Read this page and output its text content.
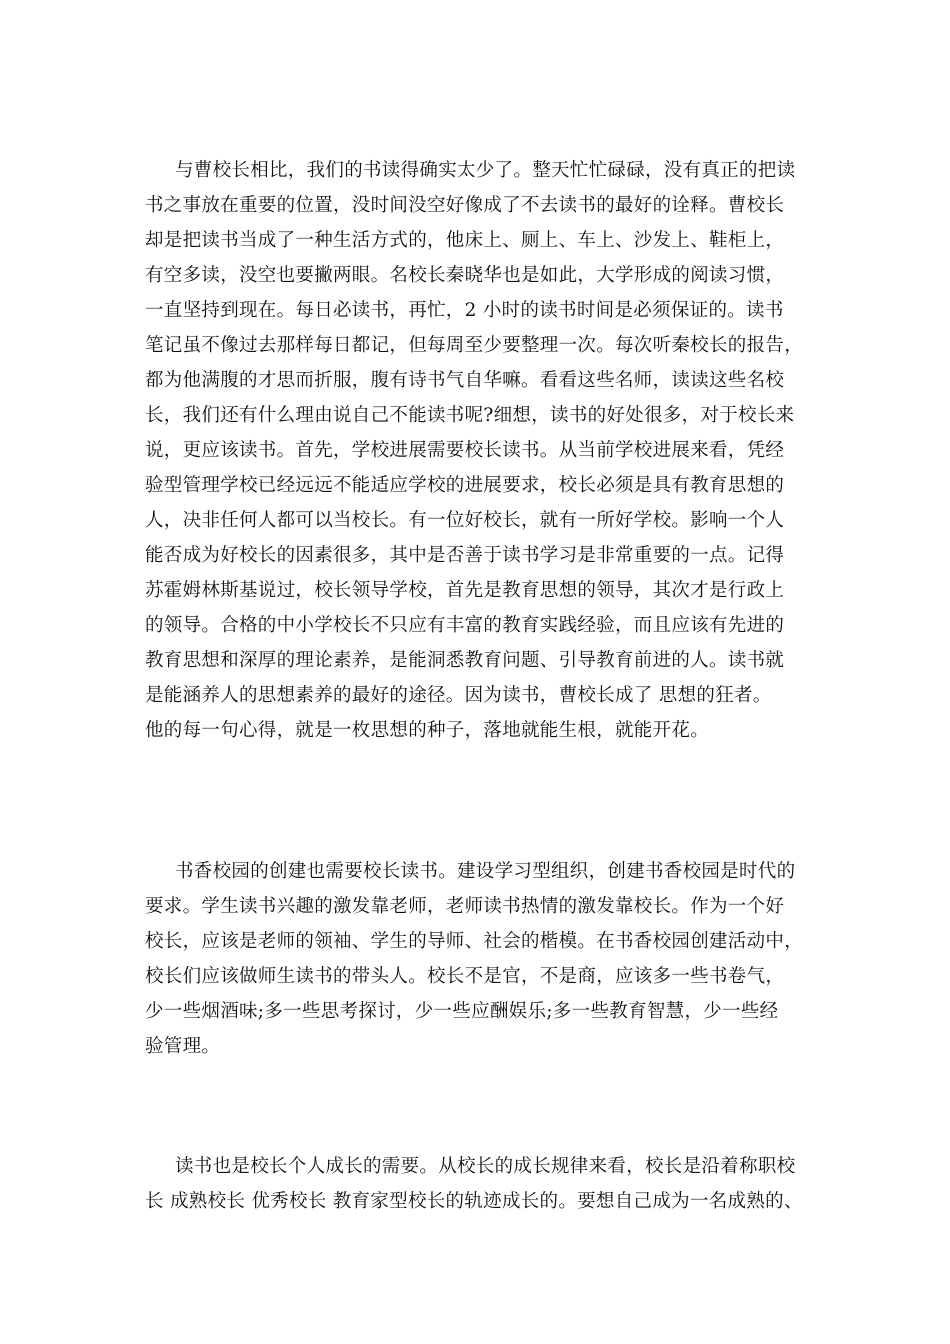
与曹校长相比，我们的书读得确实太少了。整天忙忙碌碌，没有真正的把读
书之事放在重要的位置，没时间没空好像成了不去读书的最好的诠释。曹校长
却是把读书当成了一种生活方式的，他床上、厕上、车上、沙发上、鞋柜上，
有空多读，没空也要撇两眼。名校长秦晓华也是如此，大学形成的阅读习惯，
一直坚持到现在。每日必读书，再忙，2 小时的读书时间是必须保证的。读书
笔记虽不像过去那样每日都记，但每周至少要整理一次。每次听秦校长的报告，
都为他满腹的才思而折服，腹有诗书气自华嘛。看看这些名师，读读这些名校
长，我们还有什么理由说自己不能读书呢?细想，读书的好处很多，对于校长来
说，更应该读书。首先，学校进展需要校长读书。从当前学校进展来看，凭经
验型管理学校已经远远不能适应学校的进展要求，校长必须是具有教育思想的
人，决非任何人都可以当校长。有一位好校长，就有一所好学校。影响一个人
能否成为好校长的因素很多，其中是否善于读书学习是非常重要的一点。记得
苏霍姆林斯基说过，校长领导学校，首先是教育思想的领导，其次才是行政上
的领导。合格的中小学校长不只应有丰富的教育实践经验，而且应该有先进的
教育思想和深厚的理论素养，是能洞悉教育问题、引导教育前进的人。读书就
是能涵养人的思想素养的最好的途径。因为读书，曹校长成了 思想的狂者。
他的每一句心得，就是一枚思想的种子，落地就能生根，就能开花。
书香校园的创建也需要校长读书。建设学习型组织，创建书香校园是时代的
要求。学生读书兴趣的激发靠老师，老师读书热情的激发靠校长。作为一个好
校长，应该是老师的领袖、学生的导师、社会的楷模。在书香校园创建活动中，
校长们应该做师生读书的带头人。校长不是官，不是商，应该多一些书卷气，
少一些烟酒味;多一些思考探讨，少一些应酬娱乐;多一些教育智慧，少一些经
验管理。
读书也是校长个人成长的需要。从校长的成长规律来看，校长是沿着称职校
长 成熟校长 优秀校长 教育家型校长的轨迹成长的。要想自己成为一名成熟的、
